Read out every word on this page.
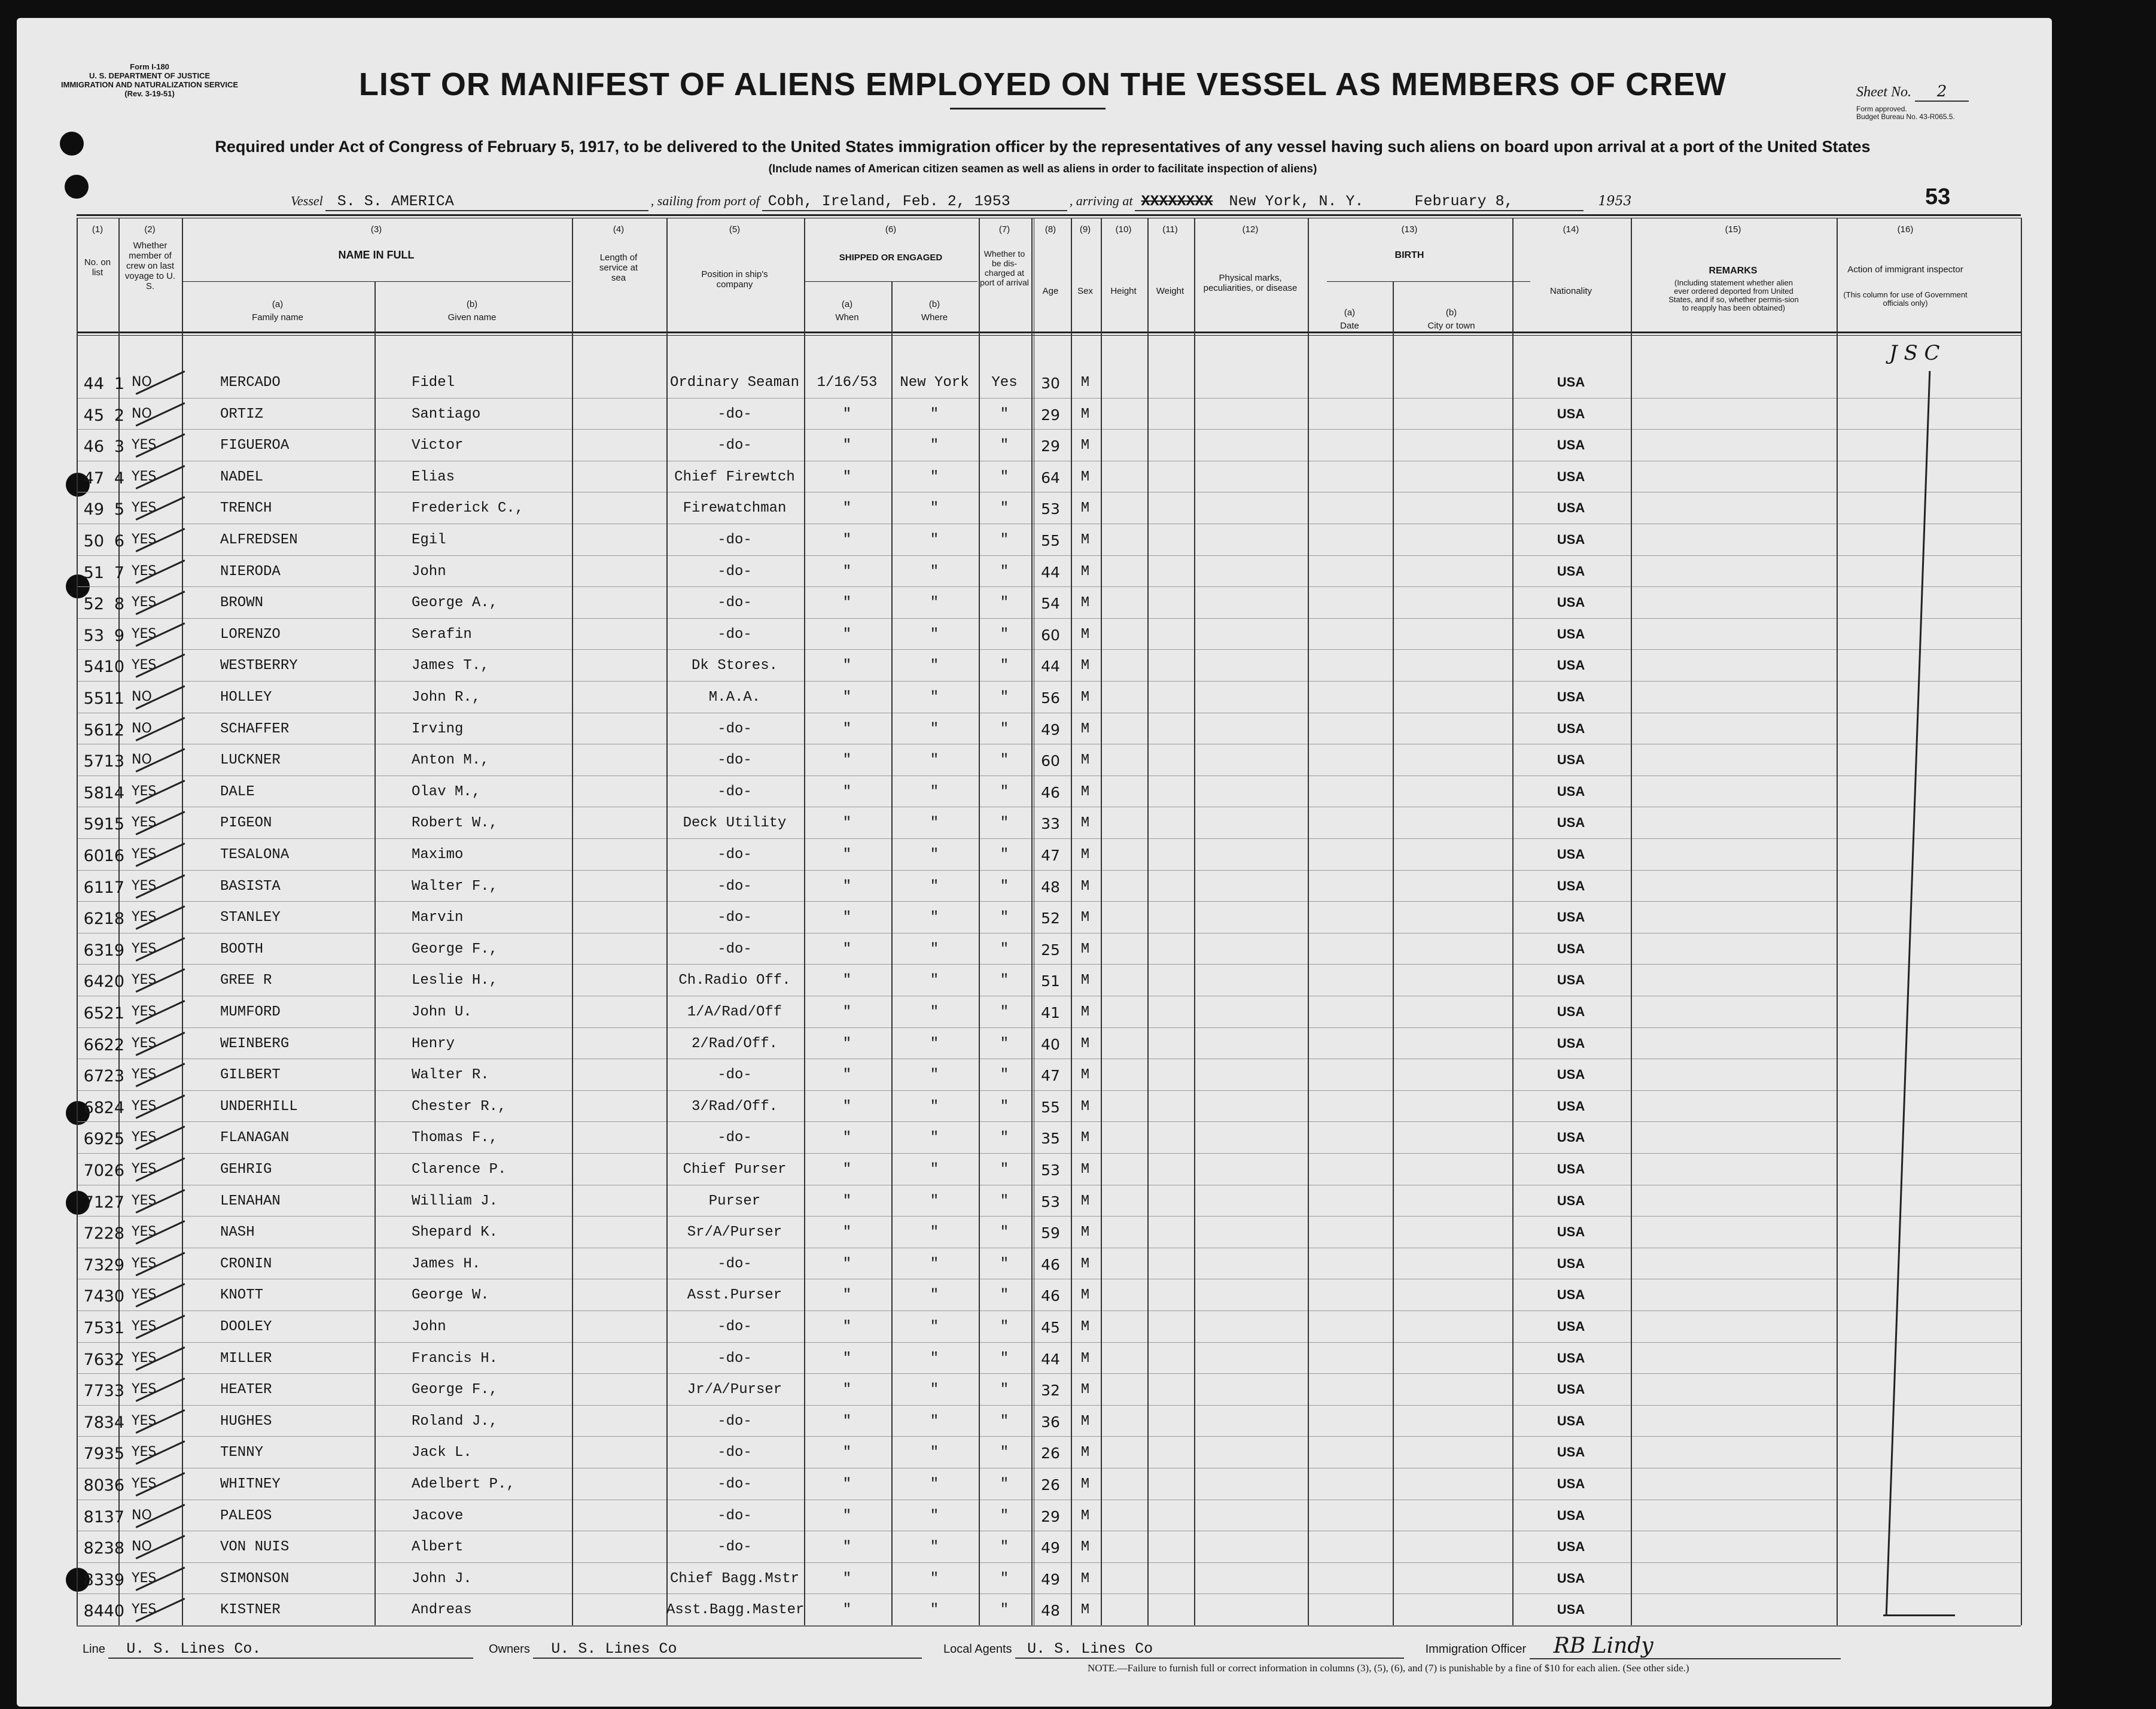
Form I-180
U. S. DEPARTMENT OF JUSTICE
IMMIGRATION AND NATURALIZATION SERVICE
(Rev. 3-19-51)	LIST OR MANIFEST OF ALIENS EMPLOYED ON THE VESSEL AS MEMBERS OF CREW
Required under Act of Congress of February 5, 1917, to be delivered to the United States immigration officer by the representatives of any vessel having such aliens on board upon arrival at a port of the United States
(Include names of American citizen seamen as well as aliens in order to facilitate inspection of aliens)
Sheet No. 2
Form approved.
Budget Bureau No. 43-R065.5.
53
Vessel S. S. AMERICA	, sailing from port of Cobh, Ireland, Feb. 2, 1953	, arriving at XXXXXXXX New York, N. Y.	February 8,	1953
(1)	(2)	(3)	(4)	(5)	(6)	(7)	(8)	(9)	(10)	(11)	(12)	(13)	(14)	(15)	(16)
No. on list
Whether member of crew on last voyage to U. S.
NAME IN FULL
(a)
Family name
(b)
Given name
Length of service at sea	Position in ship's company
SHIPPED OR ENGAGED
(a)
When
(b)
Where
Whether to be dis-charged at port of arrival
Age	Sex	Height	Weight
Physical marks, peculiarities, or disease
BIRTH
(a)
Date
(b)
City or town
Nationality
REMARKS
(Including statement whether alien ever ordered deported from United States, and if so, whether permis-sion to reapply has been obtained)
Action of immigrant inspector
(This column for use of Government officials only)
44 1 NO	MERCADO	Fidel	Ordinary Seaman	1/16/53	New York	Yes	30	M	USA
45 2 NO	ORTIZ	Santiago	-do-	"	"	"	29	M	USA
46 3 YES	FIGUEROA	Victor	-do-	"	"	"	29	M	USA
47 4 YES	NADEL	Elias	Chief Firewtch	"	"	"	64	M	USA
49 5 YES	TRENCH	Frederick C.,	Firewatchman	"	"	"	53	M	USA
50 6 YES	ALFREDSEN	Egil	-do-	"	"	"	55	M	USA
51 7 YES	NIERODA	John	-do-	"	"	"	44	M	USA
52 8 YES	BROWN	George A.,	-do-	"	"	"	54	M	USA
53 9 YES	LORENZO	Serafin	-do-	"	"	"	60	M	USA
54 10 YES	WESTBERRY	James T.,	Dk Stores.	"	"	"	44	M	USA
55 11 NO	HOLLEY	John R.,	M.A.A.	"	"	"	56	M	USA
56 12 NO	SCHAFFER	Irving	-do-	"	"	"	49	M	USA
57 13 NO	LUCKNER	Anton M.,	-do-	"	"	"	60	M	USA
58 14 YES	DALE	Olav M.,	-do-	"	"	"	46	M	USA
59 15 YES	PIGEON	Robert W.,	Deck Utility	"	"	"	33	M	USA
60 16 YES	TESALONA	Maximo	-do-	"	"	"	47	M	USA
61 17 YES	BASISTA	Walter F.,	-do-	"	"	"	48	M	USA
62 18 YES	STANLEY	Marvin	-do-	"	"	"	52	M	USA
63 19 YES	BOOTH	George F.,	-do-	"	"	"	25	M	USA
64 20 YES	GREE R	Leslie H.,	Ch.Radio Off.	"	"	"	51	M	USA
65 21 YES	MUMFORD	John U.	1/A/Rad/Off	"	"	"	41	M	USA
66 22 YES	WEINBERG	Henry	2/Rad/Off.	"	"	"	40	M	USA
67 23 YES	GILBERT	Walter R.	-do-	"	"	"	47	M	USA
68 24 YES	UNDERHILL	Chester R.,	3/Rad/Off.	"	"	"	55	M	USA
69 25 YES	FLANAGAN	Thomas F.,	-do-	"	"	"	35	M	USA
70 26 YES	GEHRIG	Clarence P.	Chief Purser	"	"	"	53	M	USA
71 27 YES	LENAHAN	William J.	Purser	"	"	"	53	M	USA
72 28 YES	NASH	Shepard K.	Sr/A/Purser	"	"	"	59	M	USA
73 29 YES	CRONIN	James H.	-do-	"	"	"	46	M	USA
74 30 YES	KNOTT	George W.	Asst.Purser	"	"	"	46	M	USA
75 31 YES	DOOLEY	John	-do-	"	"	"	45	M	USA
76 32 YES	MILLER	Francis H.	-do-	"	"	"	44	M	USA
77 33 YES	HEATER	George F.,	Jr/A/Purser	"	"	"	32	M	USA
78 34 YES	HUGHES	Roland J.,	-do-	"	"	"	36	M	USA
79 35 YES	TENNY	Jack L.	-do-	"	"	"	26	M	USA
80 36 YES	WHITNEY	Adelbert P.,	-do-	"	"	"	26	M	USA
81 37 NO	PALEOS	Jacove	-do-	"	"	"	29	M	USA
82 38 NO	VON NUIS	Albert	-do-	"	"	"	49	M	USA
83 39 YES	SIMONSON	John J.	Chief Bagg.Mstr	"	"	"	49	M	USA
84 40 YES	KISTNER	Andreas	Asst.Bagg.Master	"	"	"	48	M	USA
J S C
Line U. S. Lines Co.	Owners U. S. Lines Co	Local Agents U. S. Lines Co	Immigration Officer RB Lindy
NOTE.—Failure to furnish full or correct information in columns (3), (5), (6), and (7) is punishable by a fine of $10 for each alien. (See other side.)
